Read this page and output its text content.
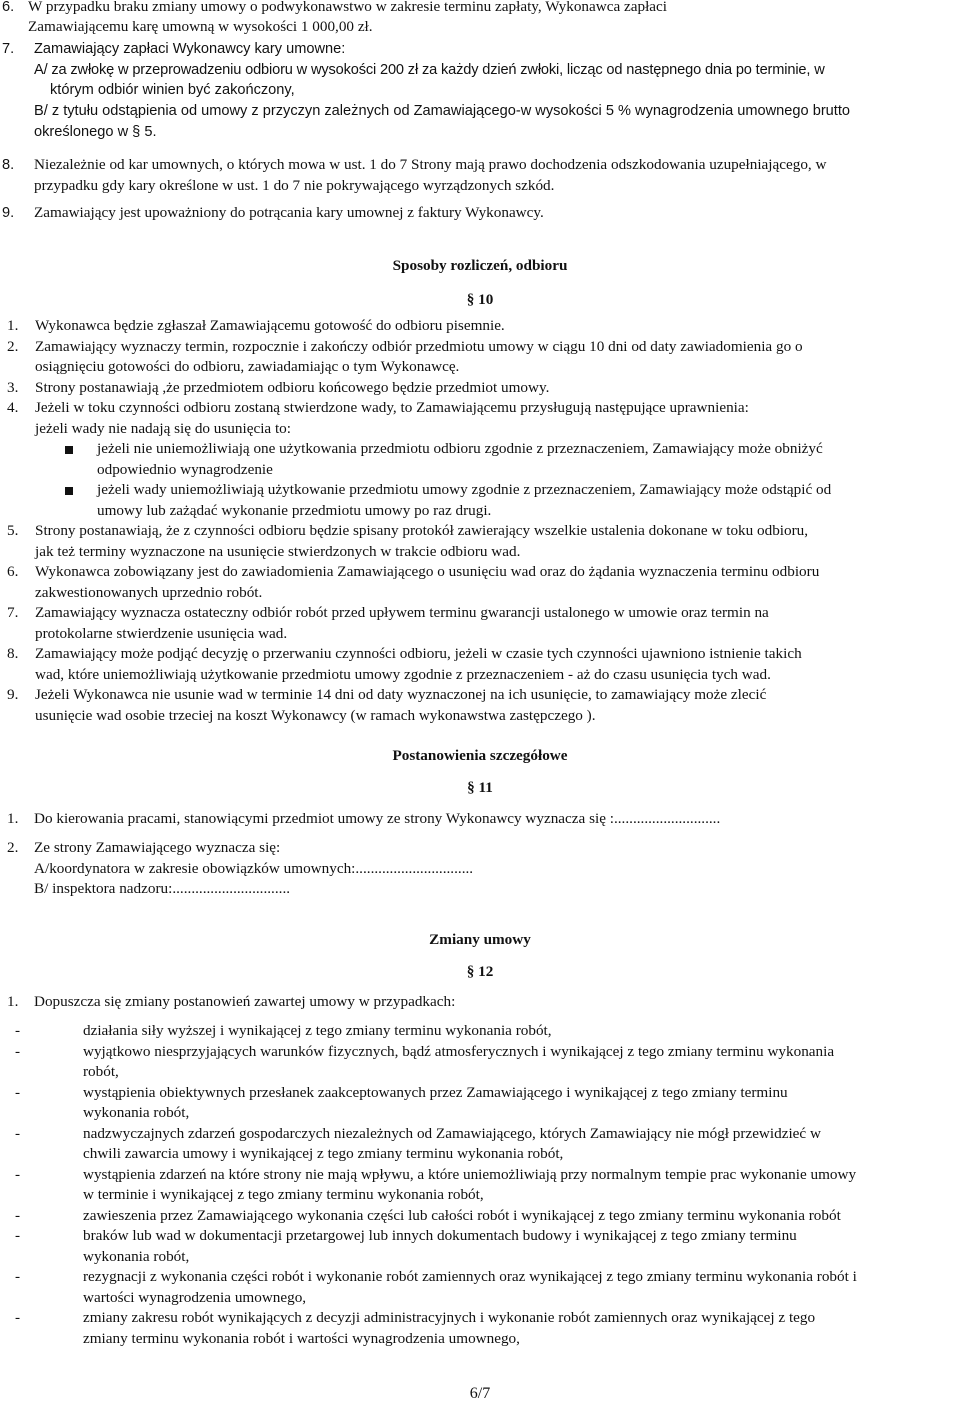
6. W przypadku braku zmiany umowy o podwykonawstwo w zakresie terminu zapłaty, Wykonawca zapłaci
Zamawiającemu karę umowną w wysokości 1 000,00 zł.
7. Zamawiający zapłaci Wykonawcy kary umowne:
A/ za zwłokę w przeprowadzeniu odbioru w wysokości 200 zł za każdy dzień zwłoki, licząc od następnego dnia po terminie, w
którym odbiór winien być zakończony,
B/ z tytułu odstąpienia od umowy z przyczyn zależnych od Zamawiającego-w wysokości 5 % wynagrodzenia umownego brutto
określonego w § 5.
8. Niezależnie od kar umownych, o których mowa w ust. 1 do 7 Strony mają prawo dochodzenia odszkodowania uzupełniającego, w
przypadku gdy kary określone w ust. 1 do 7 nie pokrywającego wyrządzonych szkód.
9. Zamawiający jest upoważniony do potrącania kary umownej z faktury Wykonawcy.
Sposoby rozliczeń, odbioru
§ 10
1. Wykonawca będzie zgłaszał Zamawiającemu gotowość do odbioru pisemnie.
2. Zamawiający wyznaczy termin, rozpocznie i zakończy odbiór przedmiotu umowy w ciągu 10 dni od daty zawiadomienia go o
osiągnięciu gotowości do odbioru, zawiadamiając o tym Wykonawcę.
3. Strony postanawiają ,że przedmiotem odbioru końcowego będzie przedmiot umowy.
4. Jeżeli w toku czynności odbioru zostaną stwierdzone wady, to Zamawiającemu przysługują następujące uprawnienia:
jeżeli wady nie nadają się do usunięcia to:
jeżeli nie uniemożliwiają one użytkowania przedmiotu odbioru zgodnie z przeznaczeniem, Zamawiający może obniżyć
odpowiednio wynagrodzenie
jeżeli wady uniemożliwiają użytkowanie przedmiotu umowy zgodnie z przeznaczeniem, Zamawiający może odstąpić od
umowy lub zażądać wykonanie przedmiotu umowy po raz drugi.
5. Strony postanawiają, że z czynności odbioru będzie spisany protokół zawierający wszelkie ustalenia dokonane w toku odbioru,
jak też terminy wyznaczone na usunięcie stwierdzonych w trakcie odbioru wad.
6. Wykonawca zobowiązany jest do zawiadomienia Zamawiającego o usunięciu wad oraz do żądania wyznaczenia terminu odbioru
zakwestionowanych uprzednio robót.
7. Zamawiający wyznacza ostateczny odbiór robót przed upływem terminu gwarancji ustalonego w umowie oraz termin na
protokolarne stwierdzenie usunięcia wad.
8. Zamawiający może podjąć decyzję o przerwaniu czynności odbioru, jeżeli w czasie tych czynności ujawniono istnienie takich
wad, które uniemożliwiają użytkowanie przedmiotu umowy zgodnie z przeznaczeniem - aż do czasu usunięcia tych wad.
9. Jeżeli Wykonawca nie usunie wad w terminie 14 dni od daty wyznaczonej na ich usunięcie, to zamawiający może zlecić
usunięcie wad osobie trzeciej na koszt Wykonawcy (w ramach wykonawstwa zastępczego ).
Postanowienia szczegółowe
§ 11
1. Do kierowania pracami, stanowiącymi przedmiot umowy ze strony Wykonawcy wyznacza się :............................
2. Ze strony Zamawiającego wyznacza się:
A/koordynatora w zakresie obowiązków umownych:...............................
B/ inspektora nadzoru:...............................
Zmiany umowy
§ 12
1. Dopuszcza się zmiany postanowień zawartej umowy w przypadkach:
-	działania siły wyższej i wynikającej z tego zmiany terminu wykonania robót,
-	wyjątkowo niesprzyjających warunków fizycznych, bądź atmosferycznych i wynikającej z tego zmiany terminu wykonania
robót,
-	wystąpienia obiektywnych przesłanek zaakceptowanych przez Zamawiającego i wynikającej z tego zmiany terminu
wykonania robót,
-	nadzwyczajnych zdarzeń gospodarczych niezależnych od Zamawiającego, których Zamawiający nie mógł przewidzieć w
chwili zawarcia umowy i wynikającej z tego zmiany terminu wykonania robót,
-	wystąpienia zdarzeń na które strony nie mają wpływu, a które uniemożliwiają przy normalnym tempie prac wykonanie umowy
w terminie i wynikającej z tego zmiany terminu wykonania robót,
-	zawieszenia przez Zamawiającego wykonania części lub całości robót i wynikającej z tego zmiany terminu wykonania robót
-	braków lub wad w dokumentacji przetargowej lub innych dokumentach budowy i wynikającej z tego zmiany terminu
wykonania robót,
-	rezygnacji z wykonania części robót i wykonanie robót zamiennych oraz wynikającej z tego zmiany terminu wykonania robót i
wartości wynagrodzenia umownego,
-	zmiany zakresu robót wynikających z decyzji administracyjnych i wykonanie robót zamiennych oraz wynikającej z tego
zmiany terminu wykonania robót i wartości wynagrodzenia umownego,
6/7
